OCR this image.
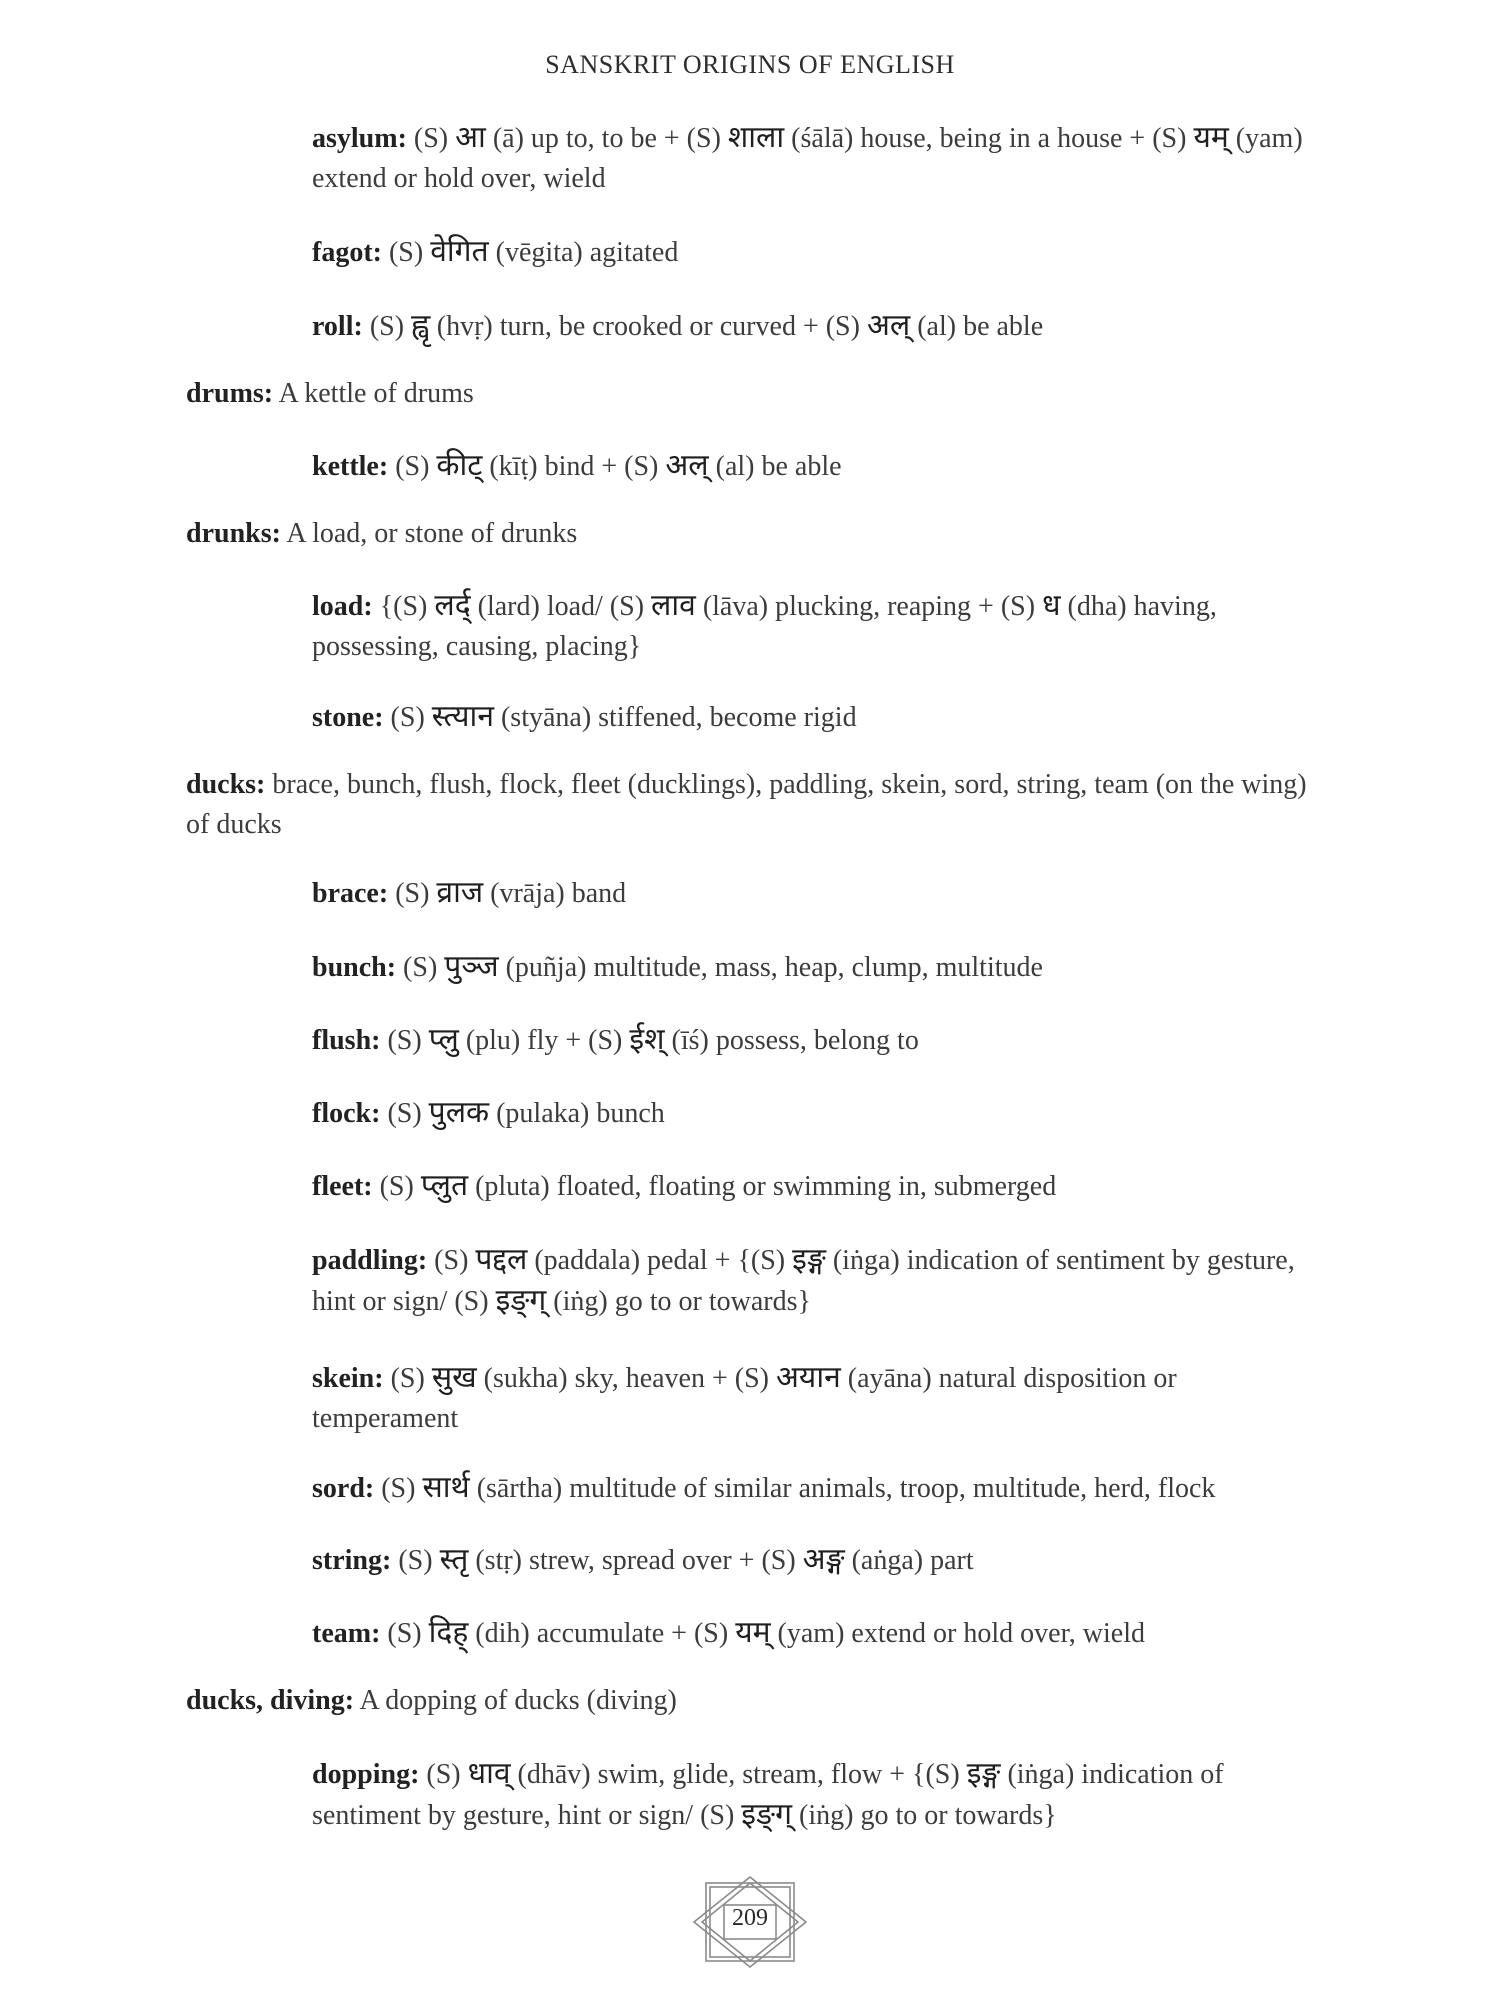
SANSKRIT ORIGINS OF ENGLISH
asylum: (S) आ (ā) up to, to be + (S) शाला (śālā) house, being in a house + (S) यम् (yam) extend or hold over, wield
fagot: (S) वेगित (vēgita) agitated
roll: (S) ह्वृ (hvṛ) turn, be crooked or curved + (S) अल् (al) be able
drums: A kettle of drums
kettle: (S) कीट् (kīṭ) bind + (S) अल् (al) be able
drunks: A load, or stone of drunks
load: {(S) लर्द् (lard) load/ (S) लाव (lāva) plucking, reaping + (S) ध (dha) having, possessing, causing, placing}
stone: (S) स्त्यान (styāna) stiffened, become rigid
ducks: brace, bunch, flush, flock, fleet (ducklings), paddling, skein, sord, string, team (on the wing) of ducks
brace: (S) व्राज (vrāja) band
bunch: (S) पुञ्ज (puñja) multitude, mass, heap, clump, multitude
flush: (S) प्लु (plu) fly + (S) ईश् (īś) possess, belong to
flock: (S) पुलक (pulaka) bunch
fleet: (S) प्लुत (pluta) floated, floating or swimming in, submerged
paddling: (S) पद्दल (paddala) pedal + {(S) इङ्ग (iṅga) indication of sentiment by gesture, hint or sign/ (S) इङ्ग् (iṅg) go to or towards}
skein: (S) सुख (sukha) sky, heaven + (S) अयान (ayāna) natural disposition or temperament
sord: (S) सार्थ (sārtha) multitude of similar animals, troop, multitude, herd, flock
string: (S) स्तृ (stṛ) strew, spread over + (S) अङ्ग (aṅga) part
team: (S) दिह् (dih) accumulate + (S) यम् (yam) extend or hold over, wield
ducks, diving: A dopping of ducks (diving)
dopping: (S) धाव् (dhāv) swim, glide, stream, flow + {(S) इङ्ग (iṅga) indication of sentiment by gesture, hint or sign/ (S) इङ्ग् (iṅg) go to or towards}
209
